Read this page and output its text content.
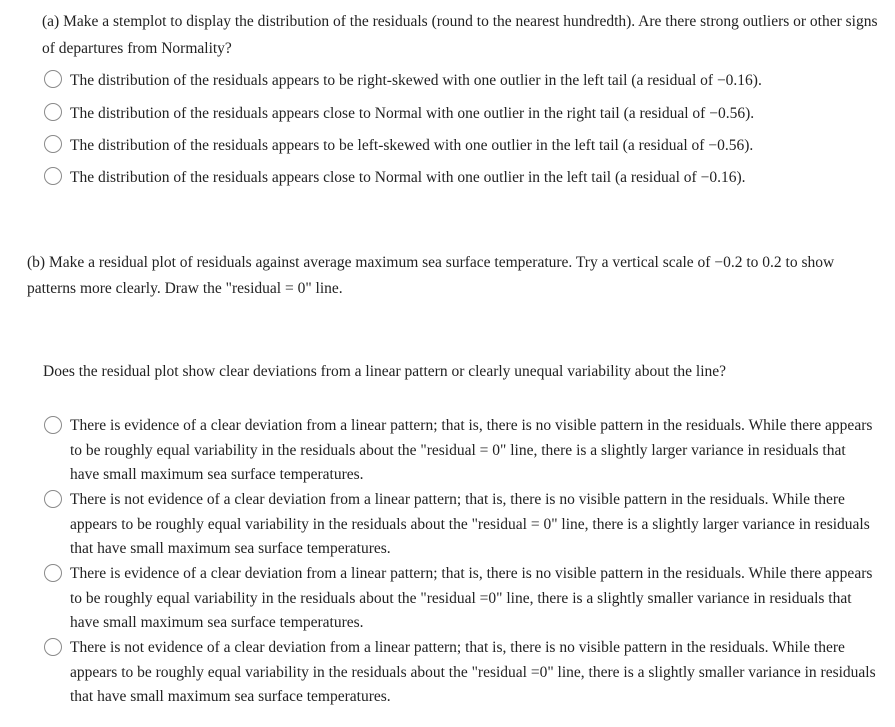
(a) Make a stemplot to display the distribution of the residuals (round to the nearest hundredth). Are there strong outliers or other signs of departures from Normality?
The distribution of the residuals appears to be right-skewed with one outlier in the left tail (a residual of −0.16).
The distribution of the residuals appears close to Normal with one outlier in the right tail (a residual of −0.56).
The distribution of the residuals appears to be left-skewed with one outlier in the left tail (a residual of −0.56).
The distribution of the residuals appears close to Normal with one outlier in the left tail (a residual of −0.16).
(b) Make a residual plot of residuals against average maximum sea surface temperature. Try a vertical scale of −0.2 to 0.2 to show patterns more clearly. Draw the "residual = 0" line.
Does the residual plot show clear deviations from a linear pattern or clearly unequal variability about the line?
There is evidence of a clear deviation from a linear pattern; that is, there is no visible pattern in the residuals. While there appears to be roughly equal variability in the residuals about the "residual = 0" line, there is a slightly larger variance in residuals that have small maximum sea surface temperatures.
There is not evidence of a clear deviation from a linear pattern; that is, there is no visible pattern in the residuals. While there appears to be roughly equal variability in the residuals about the "residual = 0" line, there is a slightly larger variance in residuals that have small maximum sea surface temperatures.
There is evidence of a clear deviation from a linear pattern; that is, there is no visible pattern in the residuals. While there appears to be roughly equal variability in the residuals about the "residual =0" line, there is a slightly smaller variance in residuals that have small maximum sea surface temperatures.
There is not evidence of a clear deviation from a linear pattern; that is, there is no visible pattern in the residuals. While there appears to be roughly equal variability in the residuals about the "residual =0" line, there is a slightly smaller variance in residuals that have small maximum sea surface temperatures.
